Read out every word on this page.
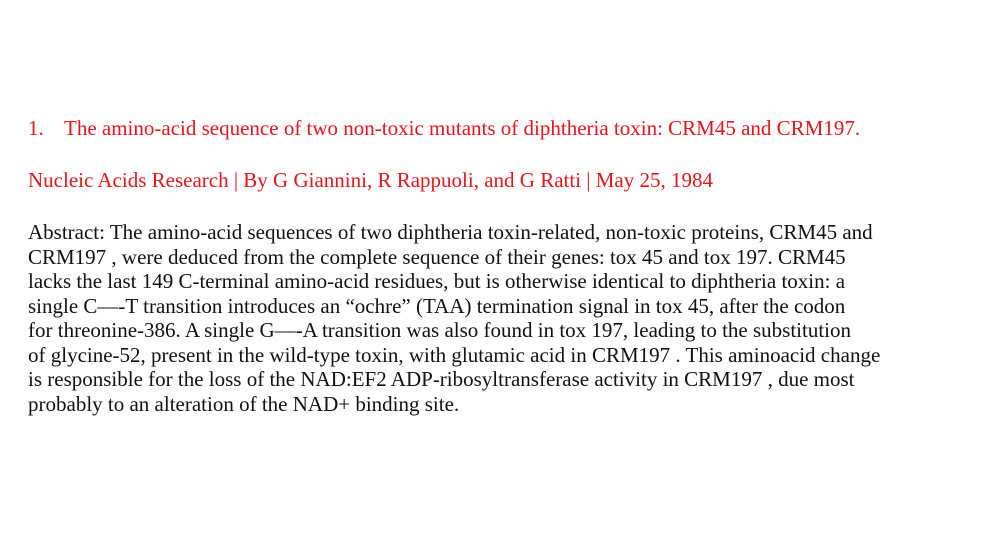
1. The amino-acid sequence of two non-toxic mutants of diphtheria toxin: CRM45 and CRM197.
Nucleic Acids Research | By G Giannini, R Rappuoli, and G Ratti | May 25, 1984
Abstract: The amino-acid sequences of two diphtheria toxin-related, non-toxic proteins, CRM45 and
CRM197 , were deduced from the complete sequence of their genes: tox 45 and tox 197. CRM45
lacks the last 149 C-terminal amino-acid residues, but is otherwise identical to diphtheria toxin: a
single C—-T transition introduces an “ochre” (TAA) termination signal in tox 45, after the codon
for threonine-386. A single G—-A transition was also found in tox 197, leading to the substitution
of glycine-52, present in the wild-type toxin, with glutamic acid in CRM197 . This aminoacid change
is responsible for the loss of the NAD:EF2 ADP-ribosyltransferase activity in CRM197 , due most
probably to an alteration of the NAD+ binding site.
